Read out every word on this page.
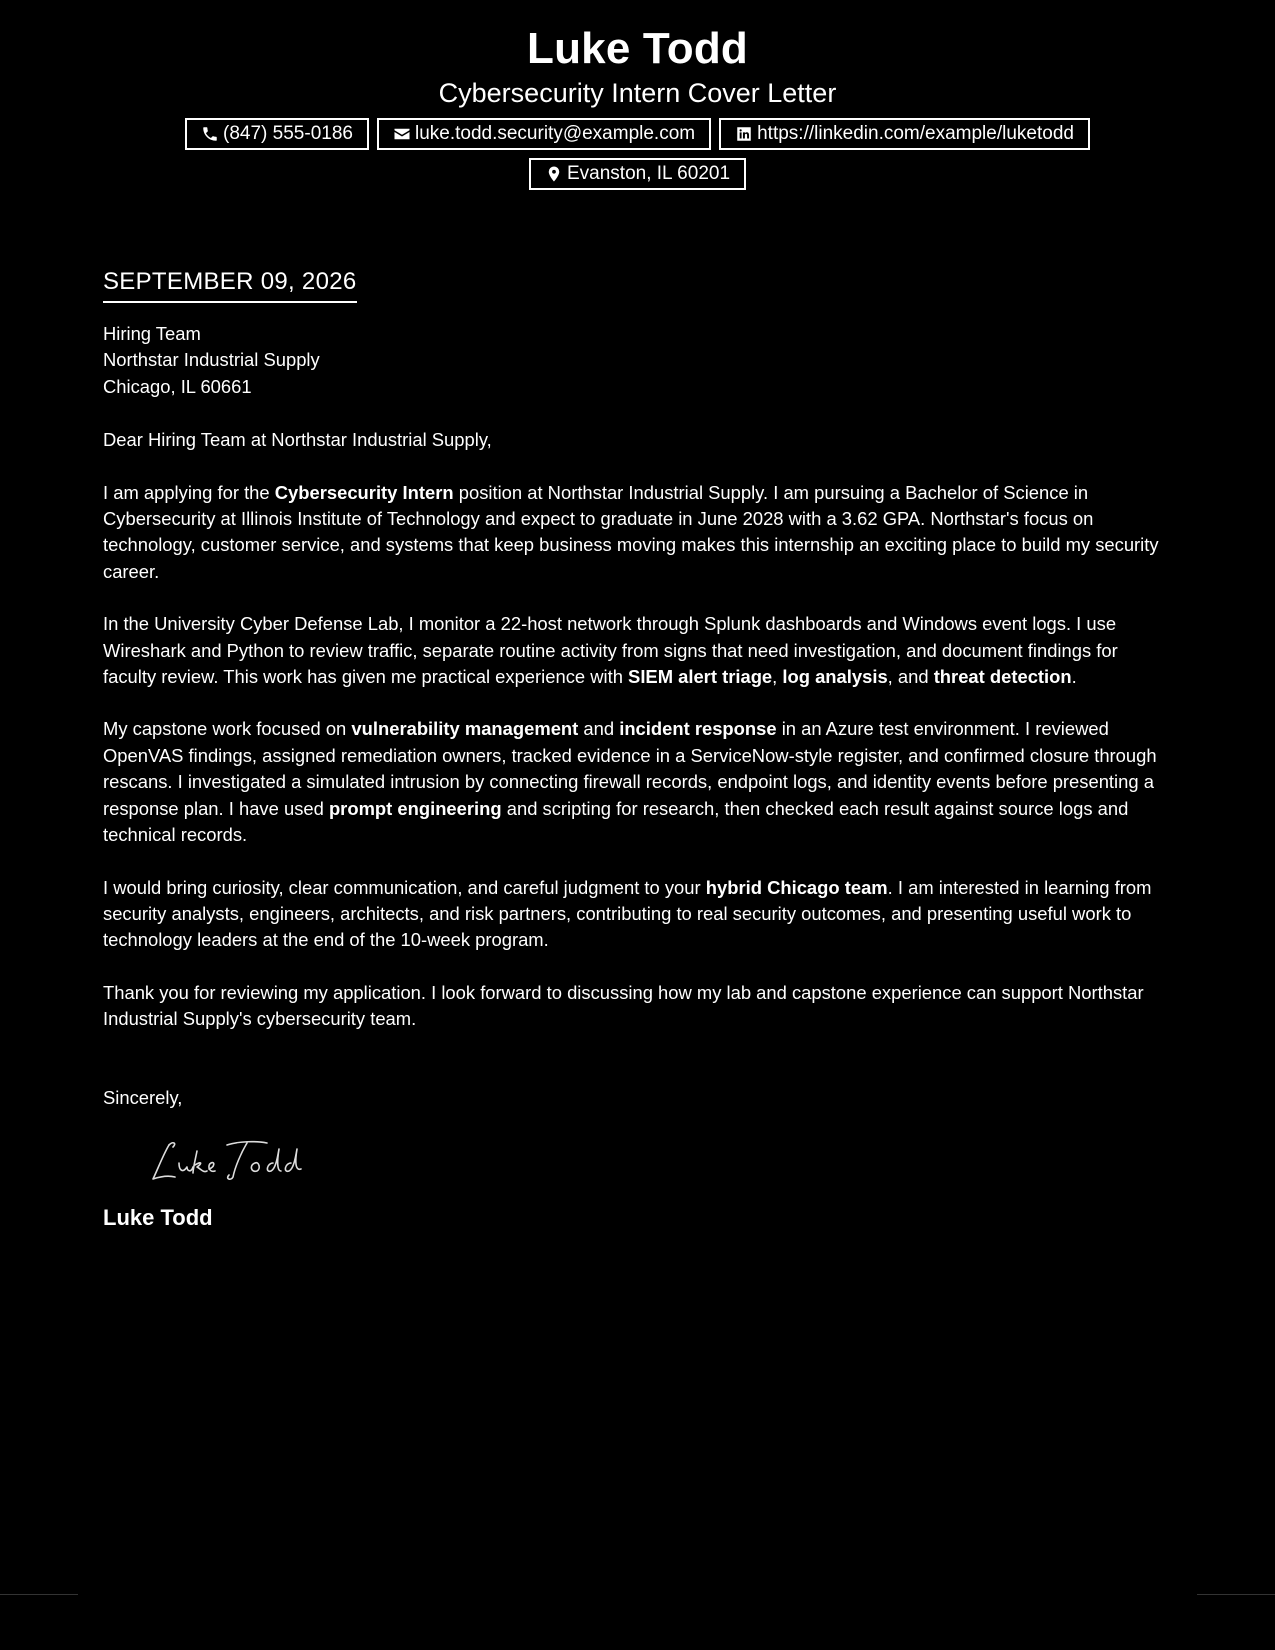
Luke Todd
Cybersecurity Intern Cover Letter
(847) 555-0186	luke.todd.security@example.com	https://linkedin.com/example/luketodd
Evanston, IL 60201
SEPTEMBER 09, 2026
Hiring Team
Northstar Industrial Supply
Chicago, IL 60661

Dear Hiring Team at Northstar Industrial Supply,

I am applying for the Cybersecurity Intern position at Northstar Industrial Supply. I am pursuing a Bachelor of Science in Cybersecurity at Illinois Institute of Technology and expect to graduate in June 2028 with a 3.62 GPA. Northstar's focus on technology, customer service, and systems that keep business moving makes this internship an exciting place to build my security career.

In the University Cyber Defense Lab, I monitor a 22-host network through Splunk dashboards and Windows event logs. I use Wireshark and Python to review traffic, separate routine activity from signs that need investigation, and document findings for faculty review. This work has given me practical experience with SIEM alert triage, log analysis, and threat detection.

My capstone work focused on vulnerability management and incident response in an Azure test environment. I reviewed OpenVAS findings, assigned remediation owners, tracked evidence in a ServiceNow-style register, and confirmed closure through rescans. I investigated a simulated intrusion by connecting firewall records, endpoint logs, and identity events before presenting a response plan. I have used prompt engineering and scripting for research, then checked each result against source logs and technical records.

I would bring curiosity, clear communication, and careful judgment to your hybrid Chicago team. I am interested in learning from security analysts, engineers, architects, and risk partners, contributing to real security outcomes, and presenting useful work to technology leaders at the end of the 10-week program.

Thank you for reviewing my application. I look forward to discussing how my lab and capstone experience can support Northstar Industrial Supply's cybersecurity team.

Sincerely,

Luke Todd
